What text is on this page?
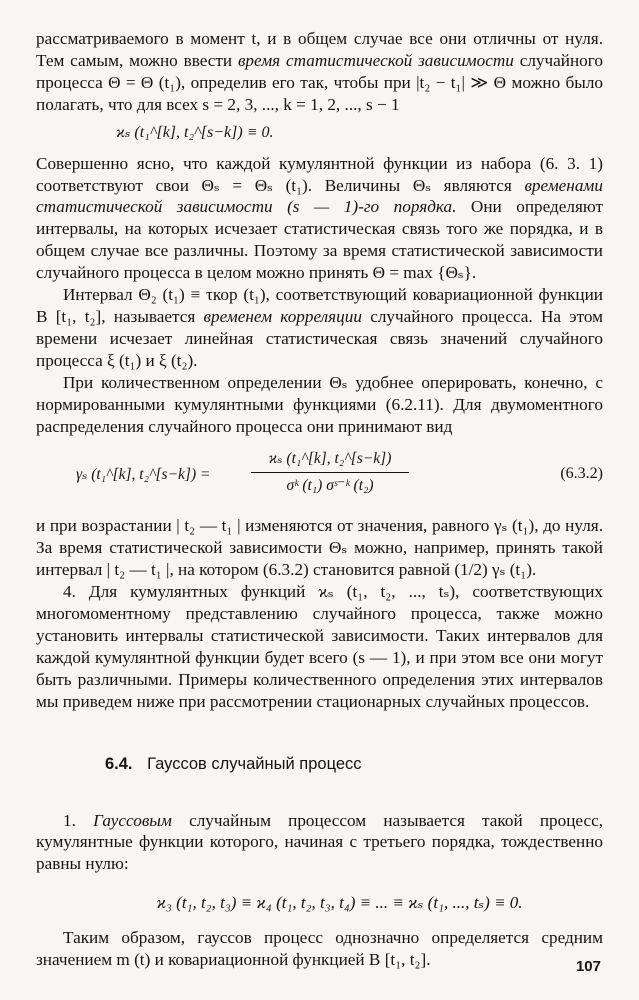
рассматриваемого в момент t, и в общем случае все они отличны от нуля. Тем самым, можно ввести время статистической зависимости случайного процесса Θ = Θ (t₁), определив его так, чтобы при |t₂ − t₁| ≫ Θ можно было полагать, что для всех s = 2, 3, ..., k = 1, 2, ..., s − 1

ϰₛ (t₁^[k], t₂^[s−k]) ≡ 0.

Совершенно ясно, что каждой кумулянтной функции из набора (6. 3. 1) соответствуют свои Θₛ = Θₛ (t₁). Величины Θₛ являются временами статистической зависимости (s — 1)-го порядка. Они определяют интервалы, на которых исчезает статистическая связь того же порядка, и в общем случае все различны. Поэтому за время статистической зависимости случайного процесса в целом можно принять Θ = max {Θₛ}.

Интервал Θ₂ (t₁) ≡ τкор (t₁), соответствующий ковариационной функции B [t₁, t₂], называется временем корреляции случайного процесса. На этом времени исчезает линейная статистическая связь значений случайного процесса ξ (t₁) и ξ (t₂).

При количественном определении Θₛ удобнее оперировать, конечно, с нормированными кумулянтными функциями (6.2.11). Для двумоментного распределения случайного процесса они принимают вид

γₛ (t₁^[k], t₂^[s−k]) =	$\frac{\text{ϰₛ (t₁\textasciicircum{}[k], t₂\textasciicircum{}[s−k])}}{\text{σᵏ (t₁) σˢ⁻ᵏ (t₂)}}$	(6.3.2)

и при возрастании | t₂ — t₁ | изменяются от значения, равного γₛ (t₁), до нуля. За время статистической зависимости Θₛ можно, например, принять такой интервал | t₂ — t₁ |, на котором (6.3.2) становится равной (1/2) γₛ (t₁).

4. Для кумулянтных функций ϰₛ (t₁, t₂, ..., tₛ), соответствующих многомоментному представлению случайного процесса, также можно установить интервалы статистической зависимости. Таких интервалов для каждой кумулянтной функции будет всего (s — 1), и при этом все они могут быть различными. Примеры количественного определения этих интервалов мы приведем ниже при рассмотрении стационарных случайных процессов.

6.4. Гауссов случайный процесс

1. Гауссовым случайным процессом называется такой процесс, кумулянтные функции которого, начиная с третьего порядка, тождественно равны нулю:

ϰ₃ (t₁, t₂, t₃) ≡ ϰ₄ (t₁, t₂, t₃, t₄) ≡ ... ≡ ϰₛ (t₁, ..., tₛ) ≡ 0.

Таким образом, гауссов процесс однозначно определяется средним значением m (t) и ковариационной функцией B [t₁, t₂].	107
